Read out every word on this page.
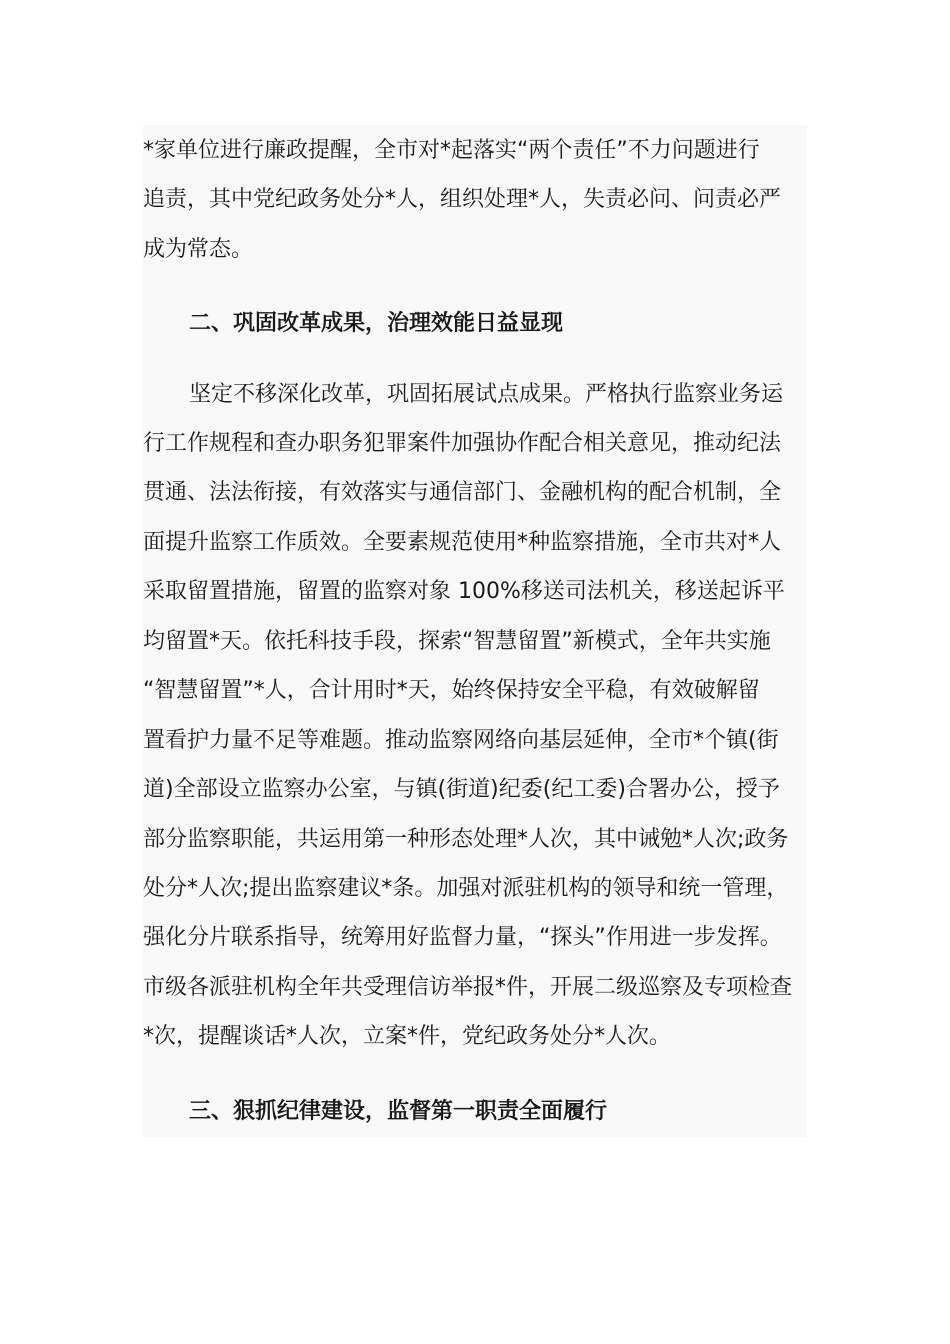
*家单位进行廉政提醒，全市对*起落实“两个责任”不力问题进行
追责，其中党纪政务处分*人，组织处理*人，失责必问、问责必严
成为常态。
二、巩固改革成果，治理效能日益显现
坚定不移深化改革，巩固拓展试点成果。严格执行监察业务运
行工作规程和查办职务犯罪案件加强协作配合相关意见，推动纪法
贯通、法法衔接，有效落实与通信部门、金融机构的配合机制，全
面提升监察工作质效。全要素规范使用*种监察措施，全市共对*人
采取留置措施，留置的监察对象 100%移送司法机关，移送起诉平
均留置*天。依托科技手段，探索“智慧留置”新模式，全年共实施
“智慧留置”*人，合计用时*天，始终保持安全平稳，有效破解留
置看护力量不足等难题。推动监察网络向基层延伸，全市*个镇(街
道)全部设立监察办公室，与镇(街道)纪委(纪工委)合署办公，授予
部分监察职能，共运用第一种形态处理*人次，其中诫勉*人次;政务
处分*人次;提出监察建议*条。加强对派驻机构的领导和统一管理，
强化分片联系指导，统筹用好监督力量，“探头”作用进一步发挥。
市级各派驻机构全年共受理信访举报*件，开展二级巡察及专项检查
*次，提醒谈话*人次，立案*件，党纪政务处分*人次。
三、狠抓纪律建设，监督第一职责全面履行
